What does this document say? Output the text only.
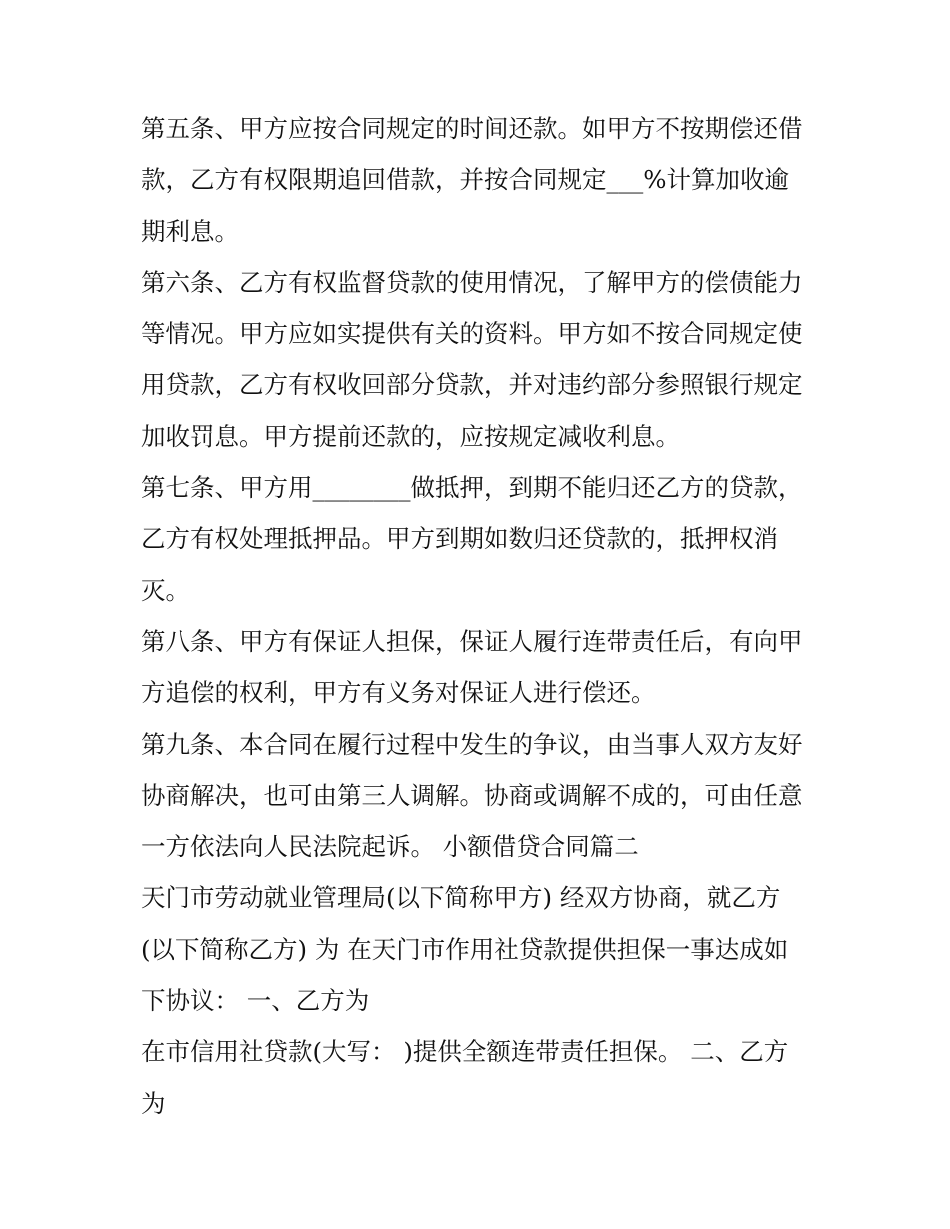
第五条、甲方应按合同规定的时间还款。如甲方不按期偿还借
款，乙方有权限期追回借款，并按合同规定___%计算加收逾
期利息。
第六条、乙方有权监督贷款的使用情况，了解甲方的偿债能力
等情况。甲方应如实提供有关的资料。甲方如不按合同规定使
用贷款，乙方有权收回部分贷款，并对违约部分参照银行规定
加收罚息。甲方提前还款的，应按规定减收利息。
第七条、甲方用________做抵押，到期不能归还乙方的贷款，
乙方有权处理抵押品。甲方到期如数归还贷款的，抵押权消
灭。
第八条、甲方有保证人担保，保证人履行连带责任后，有向甲
方追偿的权利，甲方有义务对保证人进行偿还。
第九条、本合同在履行过程中发生的争议，由当事人双方友好
协商解决，也可由第三人调解。协商或调解不成的，可由任意
一方依法向人民法院起诉。 小额借贷合同篇二
天门市劳动就业管理局(以下简称甲方) 经双方协商，就乙方
(以下简称乙方) 为 在天门市作用社贷款提供担保一事达成如
下协议： 一、乙方为
在市信用社贷款(大写： )提供全额连带责任担保。 二、乙方
为
